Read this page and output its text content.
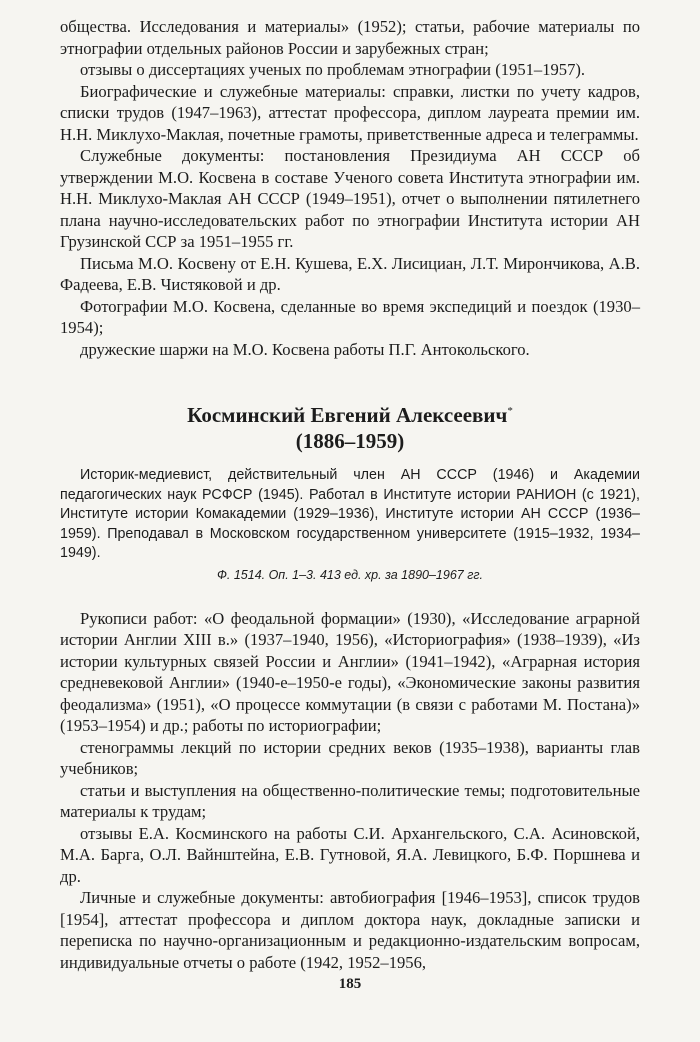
общества. Исследования и материалы» (1952); статьи, рабочие материалы по этнографии отдельных районов России и зарубежных стран;

отзывы о диссертациях ученых по проблемам этнографии (1951–1957).

Биографические и служебные материалы: справки, листки по учету кадров, списки трудов (1947–1963), аттестат профессора, диплом лауреата премии им. Н.Н. Миклухо-Маклая, почетные грамоты, приветственные адреса и телеграммы.

Служебные документы: постановления Президиума АН СССР об утверждении М.О. Косвена в составе Ученого совета Института этнографии им. Н.Н. Миклухо-Маклая АН СССР (1949–1951), отчет о выполнении пятилетнего плана научно-исследовательских работ по этнографии Института истории АН Грузинской ССР за 1951–1955 гг.

Письма М.О. Косвену от Е.Н. Кушева, Е.Х. Лисициан, Л.Т. Мирончикова, А.В. Фадеева, Е.В. Чистяковой и др.

Фотографии М.О. Косвена, сделанные во время экспедиций и поездок (1930–1954);

дружеские шаржи на М.О. Косвена работы П.Г. Антокольского.

Косминский Евгений Алексеевич*
(1886–1959)
Историк-медиевист, действительный член АН СССР (1946) и Академии педагогических наук РСФСР (1945). Работал в Институте истории РАНИОН (с 1921), Институте истории Комакадемии (1929–1936), Институте истории АН СССР (1936–1959). Преподавал в Московском государственном университете (1915–1932, 1934–1949).
Ф. 1514. Оп. 1–3. 413 ед. хр. за 1890–1967 гг.

Рукописи работ: «О феодальной формации» (1930), «Исследование аграрной истории Англии XIII в.» (1937–1940, 1956), «Историография» (1938–1939), «Из истории культурных связей России и Англии» (1941–1942), «Аграрная история средневековой Англии» (1940-е–1950-е годы), «Экономические законы развития феодализма» (1951), «О процессе коммутации (в связи с работами М. Постана)» (1953–1954) и др.; работы по историографии;

стенограммы лекций по истории средних веков (1935–1938), варианты глав учебников;

статьи и выступления на общественно-политические темы; подготовительные материалы к трудам;

отзывы Е.А. Косминского на работы С.И. Архангельского, С.А. Асиновской, М.А. Барга, О.Л. Вайнштейна, Е.В. Гутновой, Я.А. Левицкого, Б.Ф. Поршнева и др.

Личные и служебные документы: автобиография [1946–1953], список трудов [1954], аттестат профессора и диплом доктора наук, докладные записки и переписка по научно-организационным и редакционно-издательским вопросам, индивидуальные отчеты о работе (1942, 1952–1956,

185
